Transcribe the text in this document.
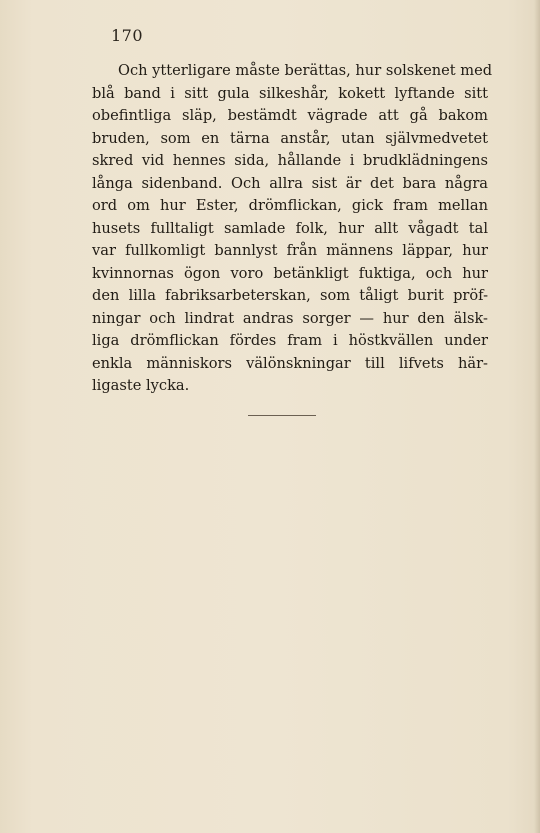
170
Och ytterligare måste berättas, hur solskenet med
blå band i sitt gula silkeshår, kokett lyftande sitt
obefintliga släp, bestämdt vägrade att gå bakom
bruden, som en tärna anstår, utan självmedvetet
skred vid hennes sida, hållande i brudklädningens
långa sidenband. Och allra sist är det bara några
ord om hur Ester, drömflickan, gick fram mellan
husets fulltaligt samlade folk, hur allt vågadt tal
var fullkomligt bannlyst från männens läppar, hur
kvinnornas ögon voro betänkligt fuktiga, och hur
den lilla fabriksarbeterskan, som tåligt burit pröf-
ningar och lindrat andras sorger — hur den älsk-
liga drömflickan fördes fram i höstkvällen under
enkla människors välönskningar till lifvets här-
ligaste lycka.
